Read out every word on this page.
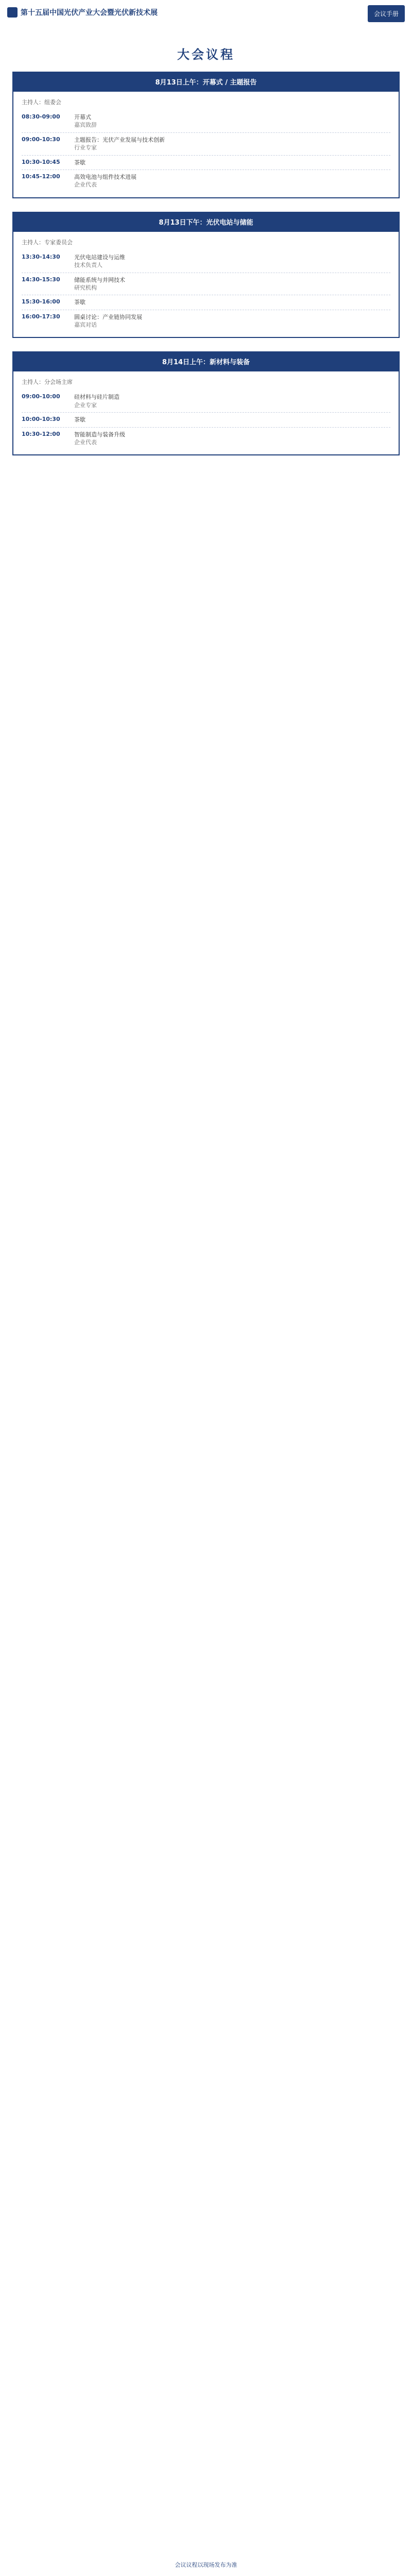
第十五届中国光伏产业大会暨光伏新技术展	会议手册
大会议程
8月13日上午：开幕式 / 主题报告
主持人：组委会
08:30-09:00	开幕式
嘉宾致辞
09:00-10:30	主题报告：光伏产业发展与技术创新
行业专家
10:30-10:45	茶歇
10:45-12:00	高效电池与组件技术进展
企业代表
8月13日下午：光伏电站与储能
主持人：专家委员会
13:30-14:30	光伏电站建设与运维
技术负责人
14:30-15:30	储能系统与并网技术
研究机构
15:30-16:00	茶歇
16:00-17:30	圆桌讨论：产业链协同发展
嘉宾对话
8月14日上午：新材料与装备
主持人：分会场主席
09:00-10:00	硅材料与硅片制造
企业专家
10:00-10:30	茶歇
10:30-12:00	智能制造与装备升级
企业代表
会议议程以现场发布为准
